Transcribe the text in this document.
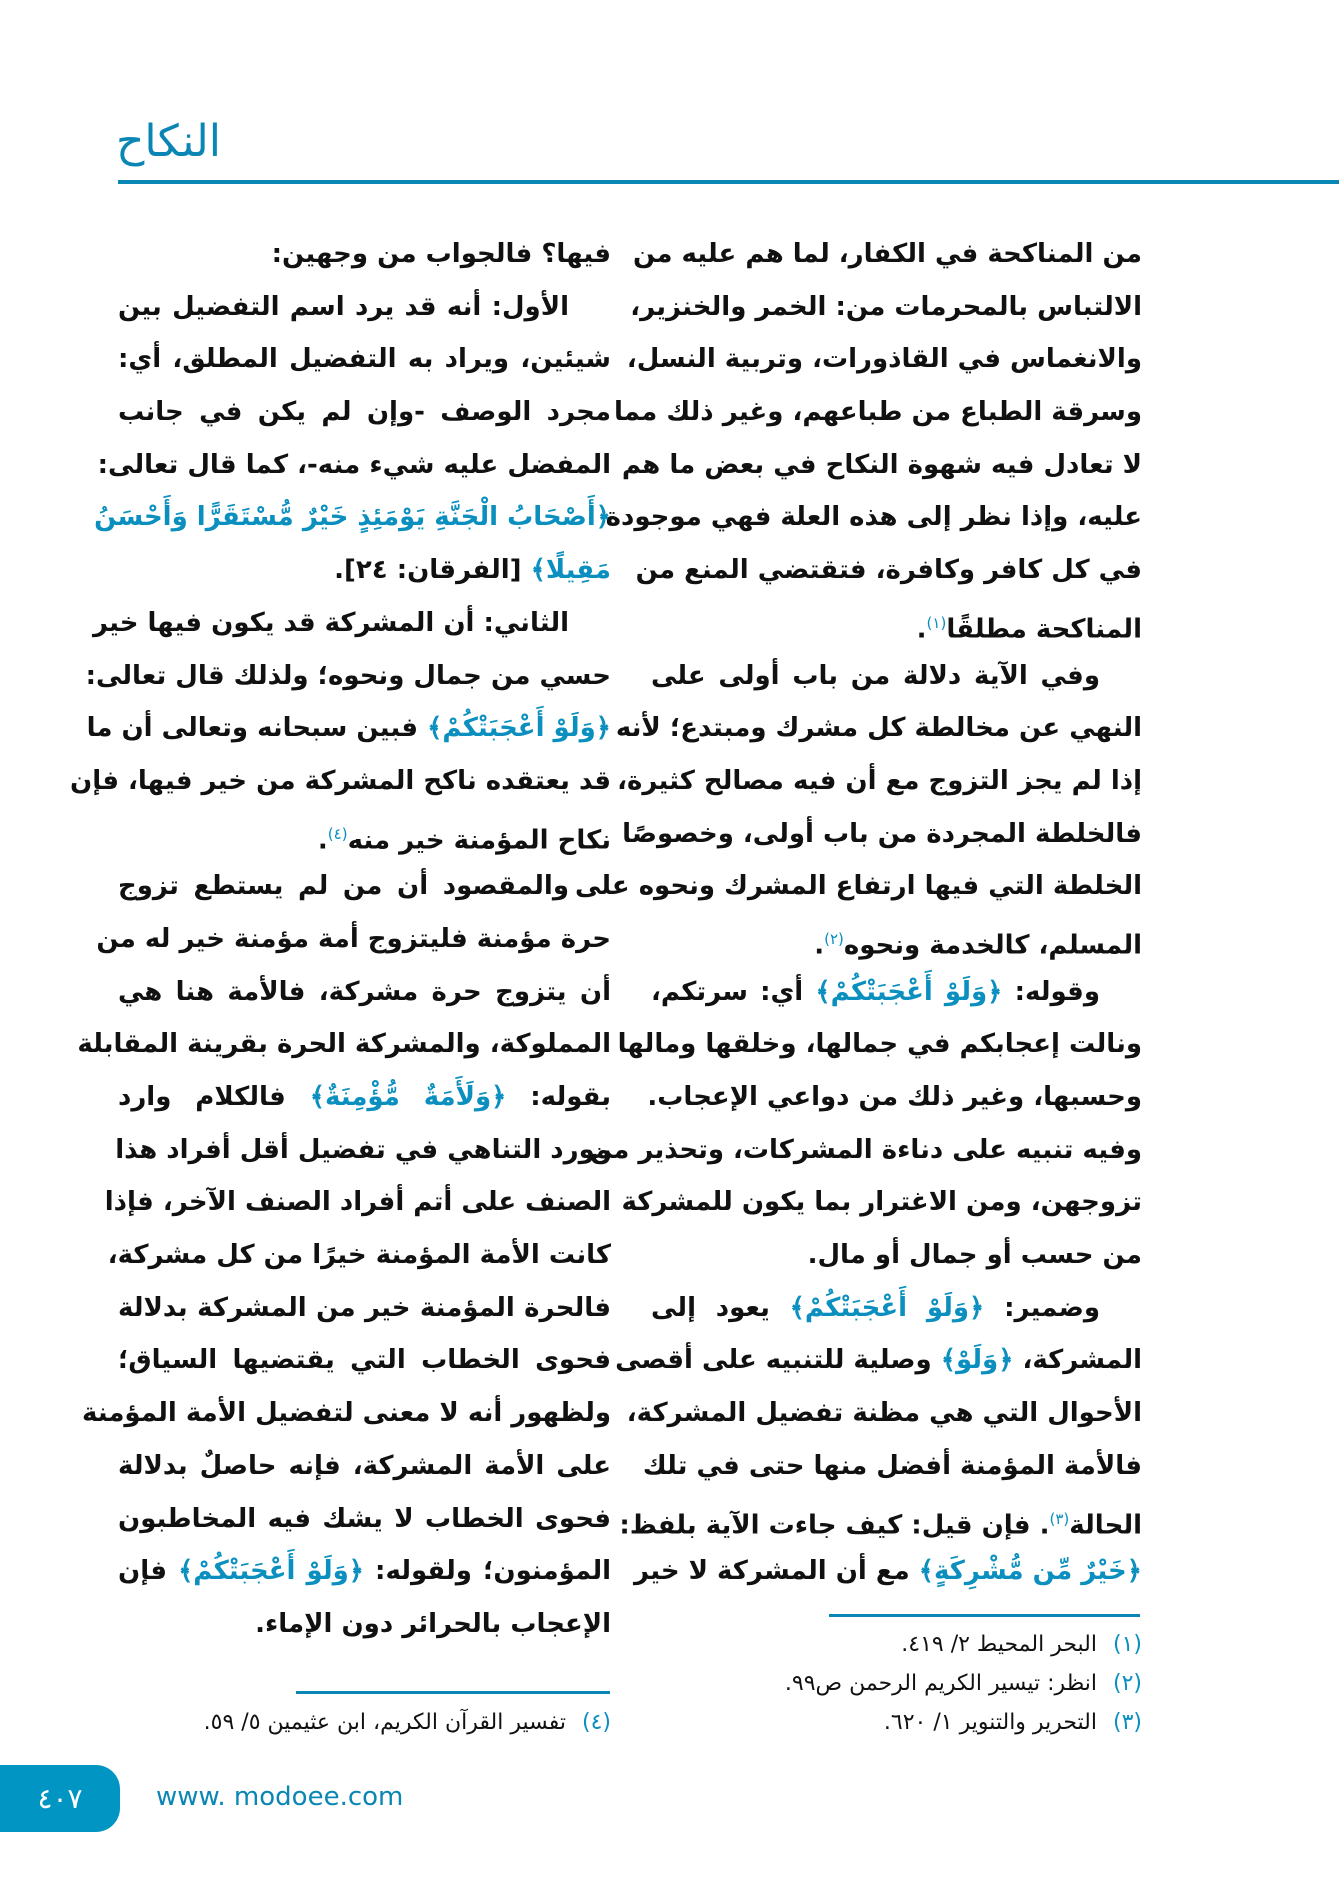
النكاح
من المناكحة في الكفار، لما هم عليه من
الالتباس بالمحرمات من: الخمر والخنزير،
والانغماس في القاذورات، وتربية النسل،
وسرقة الطباع من طباعهم، وغير ذلك مما
لا تعادل فيه شهوة النكاح في بعض ما هم
عليه، وإذا نظر إلى هذه العلة فهي موجودة
في كل كافر وكافرة، فتقتضي المنع من
المناكحة مطلقًا$^{(١)}$.
وفي الآية دلالة من باب أولى على
النهي عن مخالطة كل مشرك ومبتدع؛ لأنه
إذا لم يجز التزوج مع أن فيه مصالح كثيرة،
فالخلطة المجردة من باب أولى، وخصوصًا
الخلطة التي فيها ارتفاع المشرك ونحوه على
المسلم، كالخدمة ونحوه$^{(٢)}$.
وقوله: ﴿وَلَوْ أَعْجَبَتْكُمْ﴾ أي: سرتكم،
ونالت إعجابكم في جمالها، وخلقها ومالها
وحسبها، وغير ذلك من دواعي الإعجاب.
وفيه تنبيه على دناءة المشركات، وتحذير من
تزوجهن، ومن الاغترار بما يكون للمشركة
من حسب أو جمال أو مال.
وضمير: ﴿وَلَوْ أَعْجَبَتْكُمْ﴾ يعود إلى
المشركة، ﴿وَلَوْ﴾ وصلية للتنبيه على أقصى
الأحوال التي هي مظنة تفضيل المشركة،
فالأمة المؤمنة أفضل منها حتى في تلك
الحالة$^{(٣)}$. فإن قيل: كيف جاءت الآية بلفظ:
﴿خَيْرٌ مِّن مُّشْرِكَةٍ﴾ مع أن المشركة لا خير
فيها؟ فالجواب من وجهين:
الأول: أنه قد يرد اسم التفضيل بين
شيئين، ويراد به التفضيل المطلق، أي:
مجرد الوصف -وإن لم يكن في جانب
المفضل عليه شيء منه-، كما قال تعالى:
﴿أَصْحَابُ الْجَنَّةِ يَوْمَئِذٍ خَيْرٌ مُّسْتَقَرًّا وَأَحْسَنُ
مَقِيلًا﴾ [الفرقان: ٢٤].
الثاني: أن المشركة قد يكون فيها خير
حسي من جمال ونحوه؛ ولذلك قال تعالى:
﴿وَلَوْ أَعْجَبَتْكُمْ﴾ فبين سبحانه وتعالى أن ما
قد يعتقده ناكح المشركة من خير فيها، فإن
نكاح المؤمنة خير منه$^{(٤)}$.
والمقصود أن من لم يستطع تزوج
حرة مؤمنة فليتزوج أمة مؤمنة خير له من
أن يتزوج حرة مشركة، فالأمة هنا هي
المملوكة، والمشركة الحرة بقرينة المقابلة
بقوله: ﴿وَلَأَمَةٌ مُّؤْمِنَةٌ﴾ فالكلام وارد
مورد التناهي في تفضيل أقل أفراد هذا
الصنف على أتم أفراد الصنف الآخر، فإذا
كانت الأمة المؤمنة خيرًا من كل مشركة،
فالحرة المؤمنة خير من المشركة بدلالة
فحوى الخطاب التي يقتضيها السياق؛
ولظهور أنه لا معنى لتفضيل الأمة المؤمنة
على الأمة المشركة، فإنه حاصلٌ بدلالة
فحوى الخطاب لا يشك فيه المخاطبون
المؤمنون؛ ولقوله: ﴿وَلَوْ أَعْجَبَتْكُمْ﴾ فإن
الإعجاب بالحرائر دون الإماء.
(١)البحر المحيط ٢/ ٤١٩.
(٢)انظر: تيسير الكريم الرحمن ص٩٩.
(٣)التحرير والتنوير ١/ ٦٢٠.
(٤)تفسير القرآن الكريم، ابن عثيمين ٥/ ٥٩.
٤٠٧	www. modoee.com
